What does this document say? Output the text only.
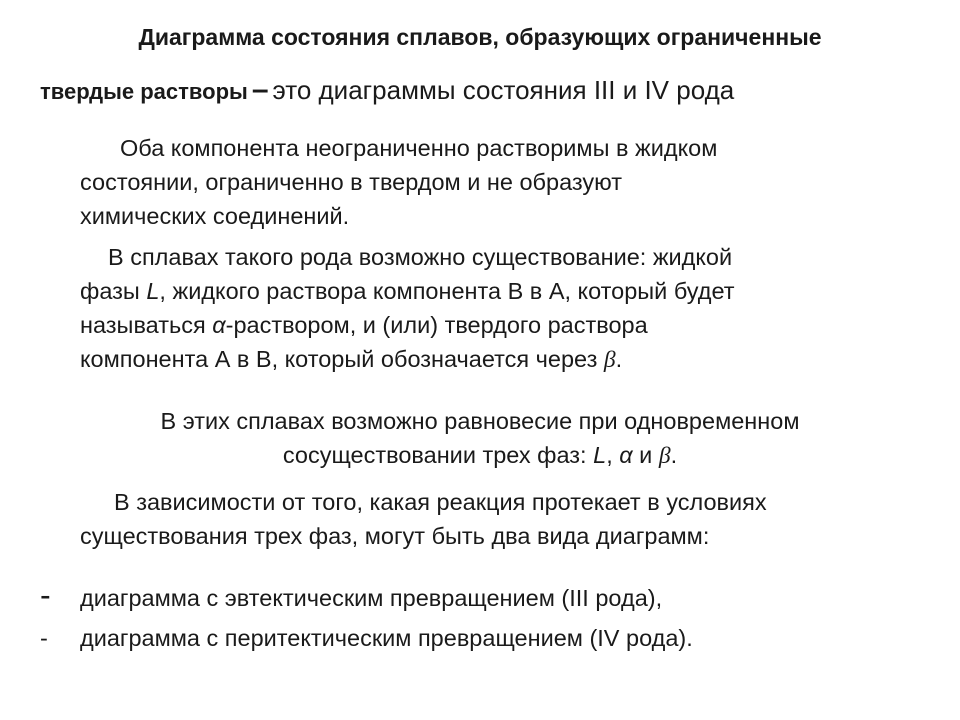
Диаграмма состояния сплавов, образующих ограниченные
твердые растворы – это диаграммы состояния III и IV рода
Оба компонента неограниченно растворимы в жидком
состоянии, ограниченно в твердом и не образуют
химических соединений.
В сплавах такого рода возможно существование: жидкой
фазы L, жидкого раствора компонента В в А, который будет
называться α-раствором, и (или) твердого раствора
компонента А в В, который обозначается через β.
В этих сплавах возможно равновесие при одновременном
сосуществовании трех фаз: L, α и β.
В зависимости от того, какая реакция протекает в условиях
существования трех фаз, могут быть два вида диаграмм:
- диаграмма с эвтектическим превращением (III рода),
- диаграмма с перитектическим превращением (IV рода).
